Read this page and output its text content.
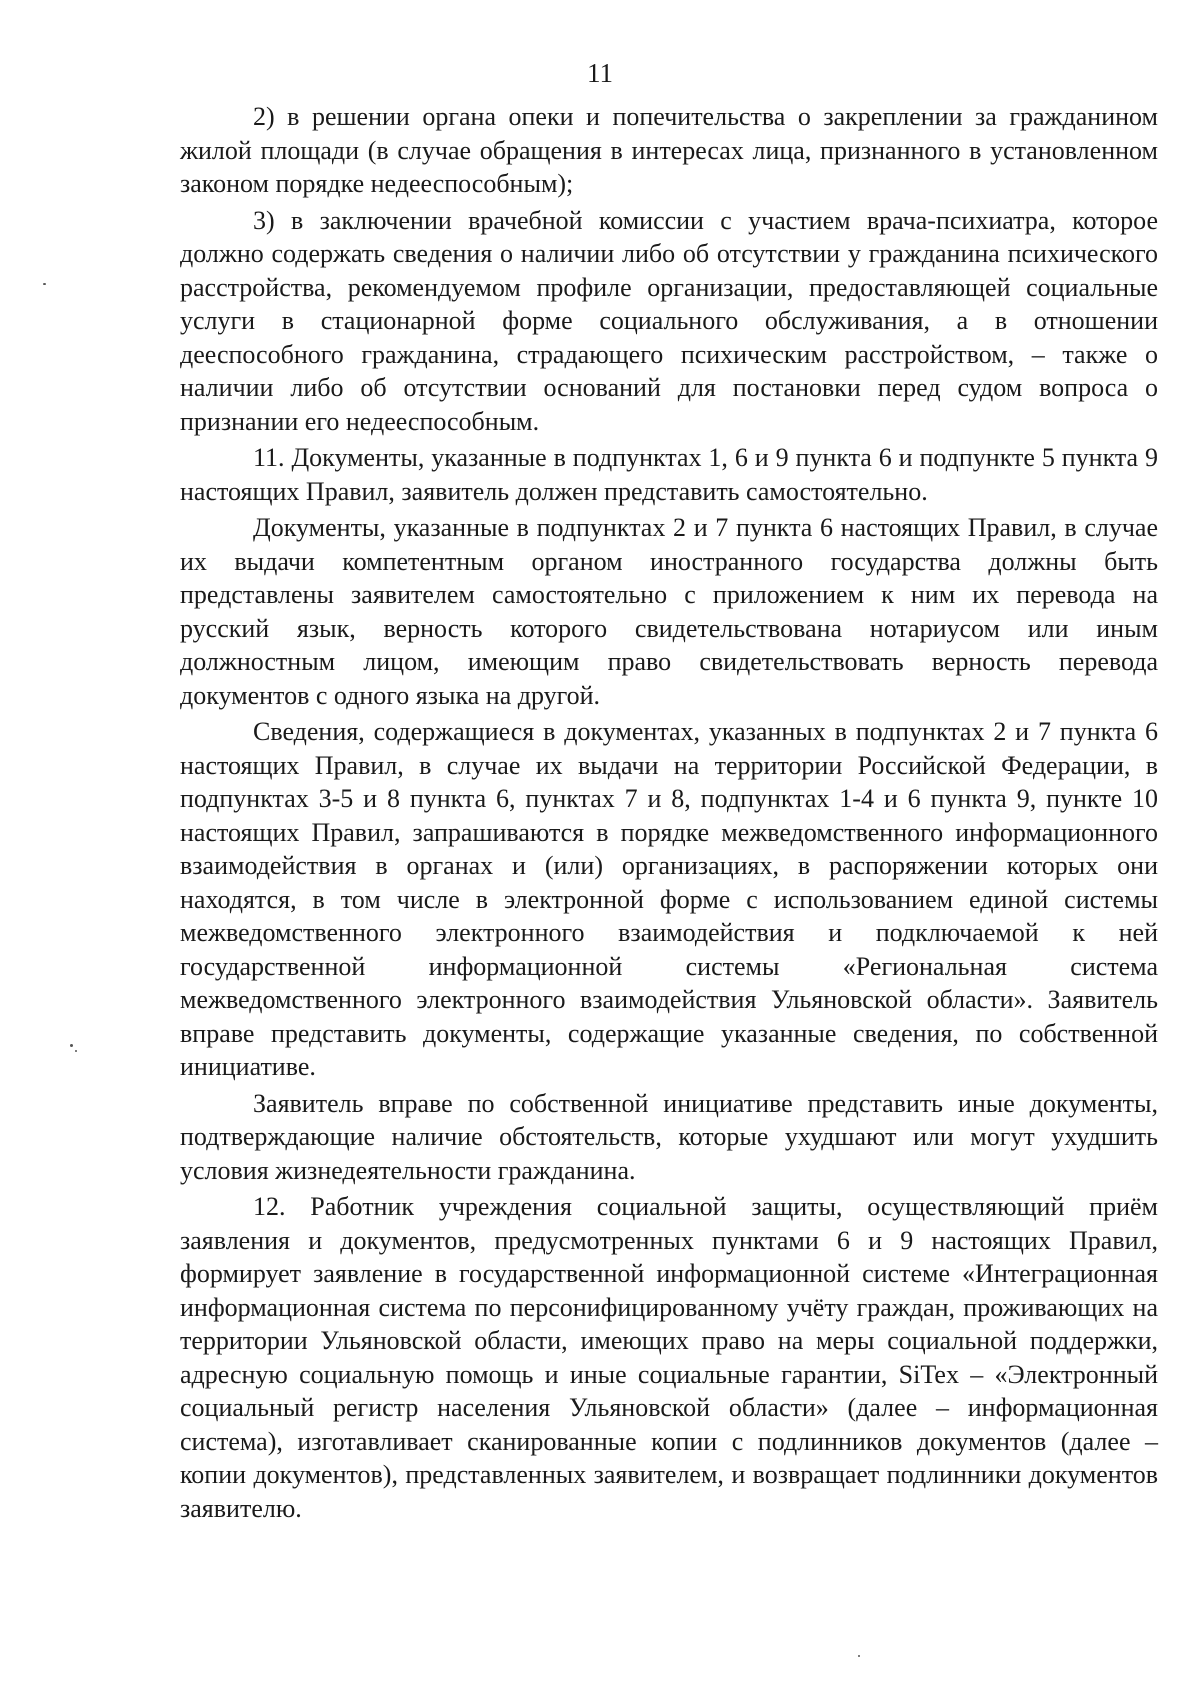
11

2) в решении органа опеки и попечительства о закреплении за гражданином жилой площади (в случае обращения в интересах лица, признанного в установленном законом порядке недееспособным);

3) в заключении врачебной комиссии с участием врача-психиатра, которое должно содержать сведения о наличии либо об отсутствии у гражданина психического расстройства, рекомендуемом профиле организации, предоставляющей социальные услуги в стационарной форме социального обслуживания, а в отношении дееспособного гражданина, страдающего психическим расстройством, – также о наличии либо об отсутствии оснований для постановки перед судом вопроса о признании его недееспособным.

11. Документы, указанные в подпунктах 1, 6 и 9 пункта 6 и подпункте 5 пункта 9 настоящих Правил, заявитель должен представить самостоятельно.

Документы, указанные в подпунктах 2 и 7 пункта 6 настоящих Правил, в случае их выдачи компетентным органом иностранного государства должны быть представлены заявителем самостоятельно с приложением к ним их перевода на русский язык, верность которого свидетельствована нотариусом или иным должностным лицом, имеющим право свидетельствовать верность перевода документов с одного языка на другой.

Сведения, содержащиеся в документах, указанных в подпунктах 2 и 7 пункта 6 настоящих Правил, в случае их выдачи на территории Российской Федерации, в подпунктах 3-5 и 8 пункта 6, пунктах 7 и 8, подпунктах 1-4 и 6 пункта 9, пункте 10 настоящих Правил, запрашиваются в порядке межведомственного информационного взаимодействия в органах и (или) организациях, в распоряжении которых они находятся, в том числе в электронной форме с использованием единой системы межведомственного электронного взаимодействия и подключаемой к ней государственной информационной системы «Региональная система межведомственного электронного взаимодействия Ульяновской области». Заявитель вправе представить документы, содержащие указанные сведения, по собственной инициативе.

Заявитель вправе по собственной инициативе представить иные документы, подтверждающие наличие обстоятельств, которые ухудшают или могут ухудшить условия жизнедеятельности гражданина.

12. Работник учреждения социальной защиты, осуществляющий приём заявления и документов, предусмотренных пунктами 6 и 9 настоящих Правил, формирует заявление в государственной информационной системе «Интеграционная информационная система по персонифицированному учёту граждан, проживающих на территории Ульяновской области, имеющих право на меры социальной поддержки, адресную социальную помощь и иные социальные гарантии, SiTex – «Электронный социальный регистр населения Ульяновской области» (далее – информационная система), изготавливает сканированные копии с подлинников документов (далее – копии документов), представленных заявителем, и возвращает подлинники документов заявителю.
